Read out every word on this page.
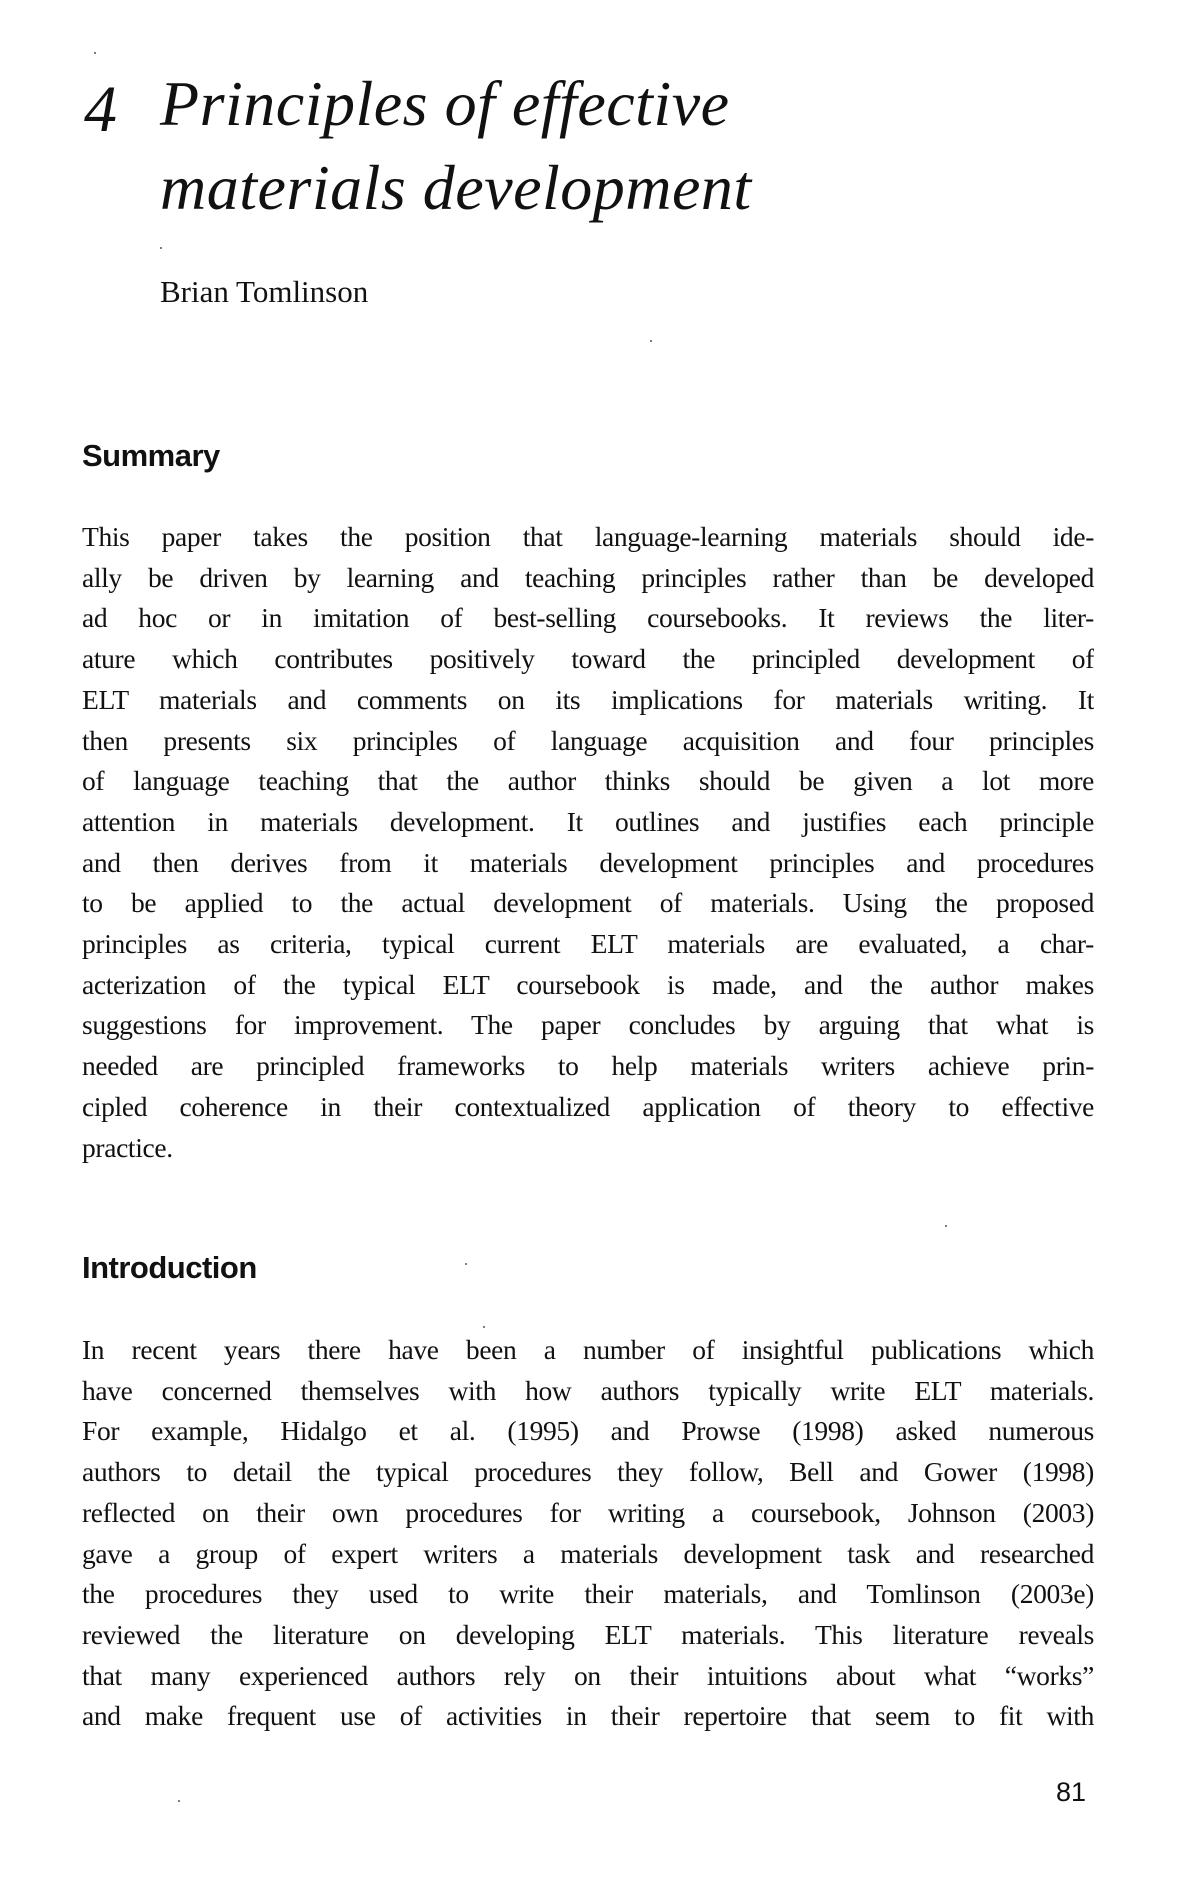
4 Principles of effective
materials development
Brian Tomlinson
Summary
This paper takes the position that language-learning materials should ide-
ally be driven by learning and teaching principles rather than be developed
ad hoc or in imitation of best-selling coursebooks. It reviews the liter-
ature which contributes positively toward the principled development of
ELT materials and comments on its implications for materials writing. It
then presents six principles of language acquisition and four principles
of language teaching that the author thinks should be given a lot more
attention in materials development. It outlines and justifies each principle
and then derives from it materials development principles and procedures
to be applied to the actual development of materials. Using the proposed
principles as criteria, typical current ELT materials are evaluated, a char-
acterization of the typical ELT coursebook is made, and the author makes
suggestions for improvement. The paper concludes by arguing that what is
needed are principled frameworks to help materials writers achieve prin-
cipled coherence in their contextualized application of theory to effective
practice.
Introduction
In recent years there have been a number of insightful publications which
have concerned themselves with how authors typically write ELT materials.
For example, Hidalgo et al. (1995) and Prowse (1998) asked numerous
authors to detail the typical procedures they follow, Bell and Gower (1998)
reflected on their own procedures for writing a coursebook, Johnson (2003)
gave a group of expert writers a materials development task and researched
the procedures they used to write their materials, and Tomlinson (2003e)
reviewed the literature on developing ELT materials. This literature reveals
that many experienced authors rely on their intuitions about what “works”
and make frequent use of activities in their repertoire that seem to fit with
81
